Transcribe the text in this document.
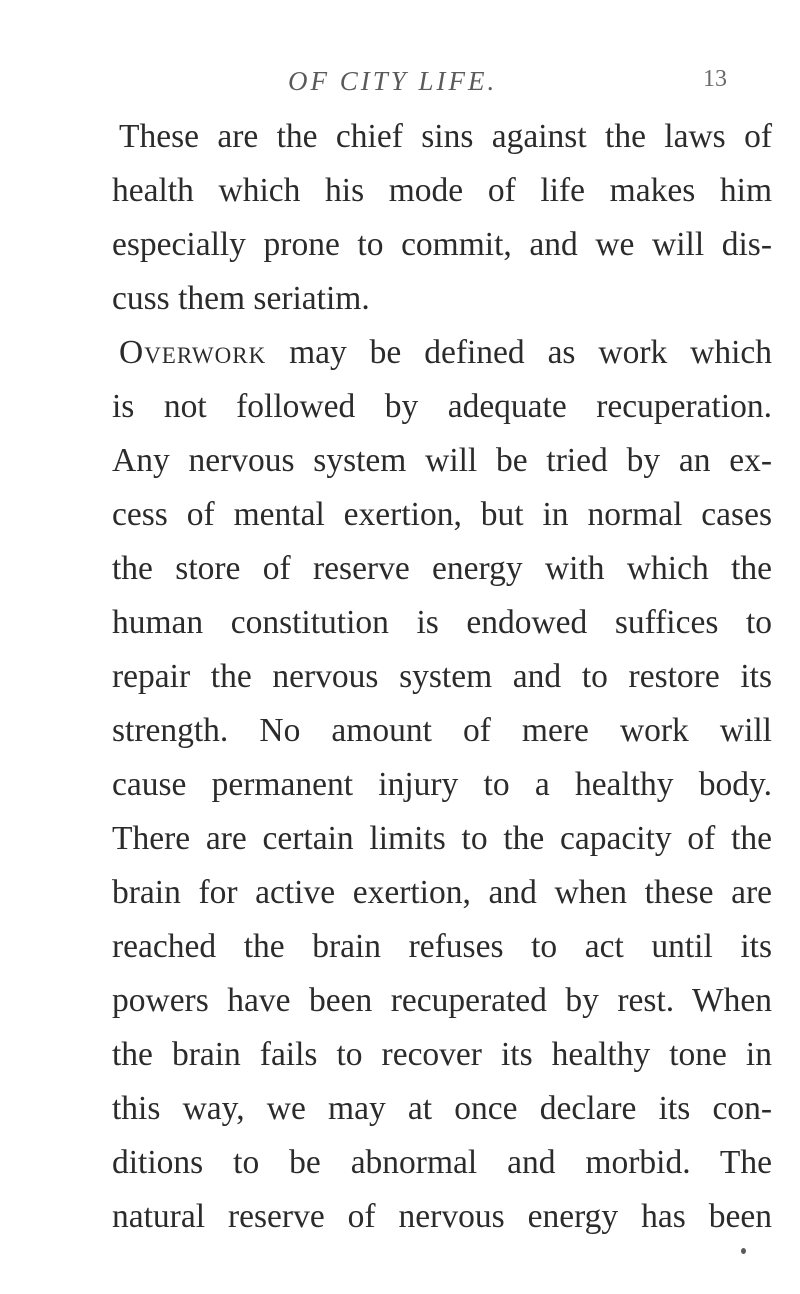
OF CITY LIFE.	13
These are the chief sins against the laws of
health which his mode of life makes him
especially prone to commit, and we will dis-
cuss them seriatim.
Overwork may be defined as work which
is not followed by adequate recuperation.
Any nervous system will be tried by an ex-
cess of mental exertion, but in normal cases
the store of reserve energy with which the
human constitution is endowed suffices to
repair the nervous system and to restore its
strength. No amount of mere work will
cause permanent injury to a healthy body.
There are certain limits to the capacity of the
brain for active exertion, and when these are
reached the brain refuses to act until its
powers have been recuperated by rest. When
the brain fails to recover its healthy tone in
this way, we may at once declare its con-
ditions to be abnormal and morbid. The
natural reserve of nervous energy has been
